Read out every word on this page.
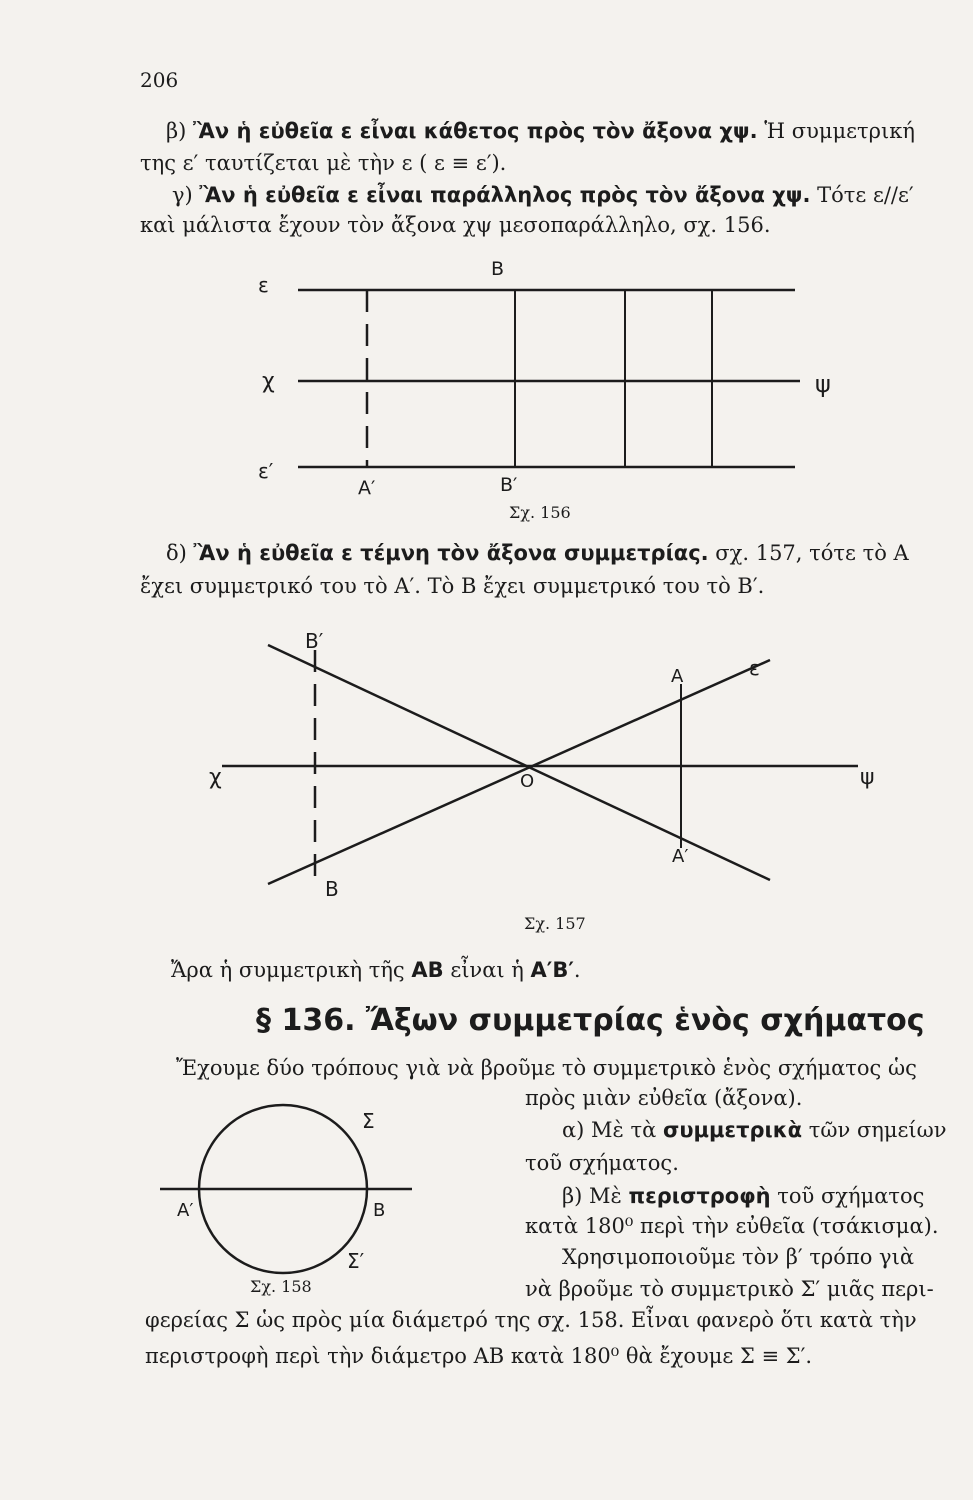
206
β) Ἂν ἡ εὐθεῖα ε εἶναι κάθετος πρὸς τὸν ἄξονα χψ. Ἡ συμμετρική
της ε′ ταυτίζεται μὲ τὴν ε ( ε ≡ ε′).
γ) Ἂν ἡ εὐθεῖα ε εἶναι παράλληλος πρὸς τὸν ἄξονα χψ. Τότε ε//ε′
καὶ μάλιστα ἔχουν τὸν ἄξονα χψ μεσοπαράλληλο, σχ. 156.
ε
χ	ψ
ε′
Β
Α′	Β′
Σχ. 156
δ) Ἂν ἡ εὐθεῖα ε τέμνη τὸν ἄξονα συμμετρίας. σχ. 157, τότε τὸ Α
ἔχει συμμετρικό του τὸ Α′. Τὸ Β ἔχει συμμετρικό του τὸ Β′.
Β′
Α	ε
χ	Ο	ψ
Α′
Β
Σχ. 157
Ἄρα ἡ συμμετρικὴ τῆς ΑΒ εἶναι ἡ Α′Β′.
§ 136. Ἄξων συμμετρίας ἑνὸς σχήματος
Ἔχουμε δύο τρόπους γιὰ νὰ βροῦμε τὸ συμμετρικὸ ἑνὸς σχήματος ὡς
πρὸς μιὰν εὐθεῖα (ἄξονα).
α) Μὲ τὰ συμμετρικὰ τῶν σημείων
τοῦ σχήματος.
β) Μὲ περιστροφὴ τοῦ σχήματος
κατὰ 180⁰ περὶ τὴν εὐθεῖα (τσάκισμα).
Χρησιμοποιοῦμε τὸν β′ τρόπο γιὰ
νὰ βροῦμε τὸ συμμετρικὸ Σ′ μιᾶς περι-
Σ
Α′	Β
Σ′
Σχ. 158
φερείας Σ ὡς πρὸς μία διάμετρό της σχ. 158. Εἶναι φανερὸ ὅτι κατὰ τὴν
περιστροφὴ περὶ τὴν διάμετρο ΑΒ κατὰ 180⁰ θὰ ἔχουμε Σ ≡ Σ′.
